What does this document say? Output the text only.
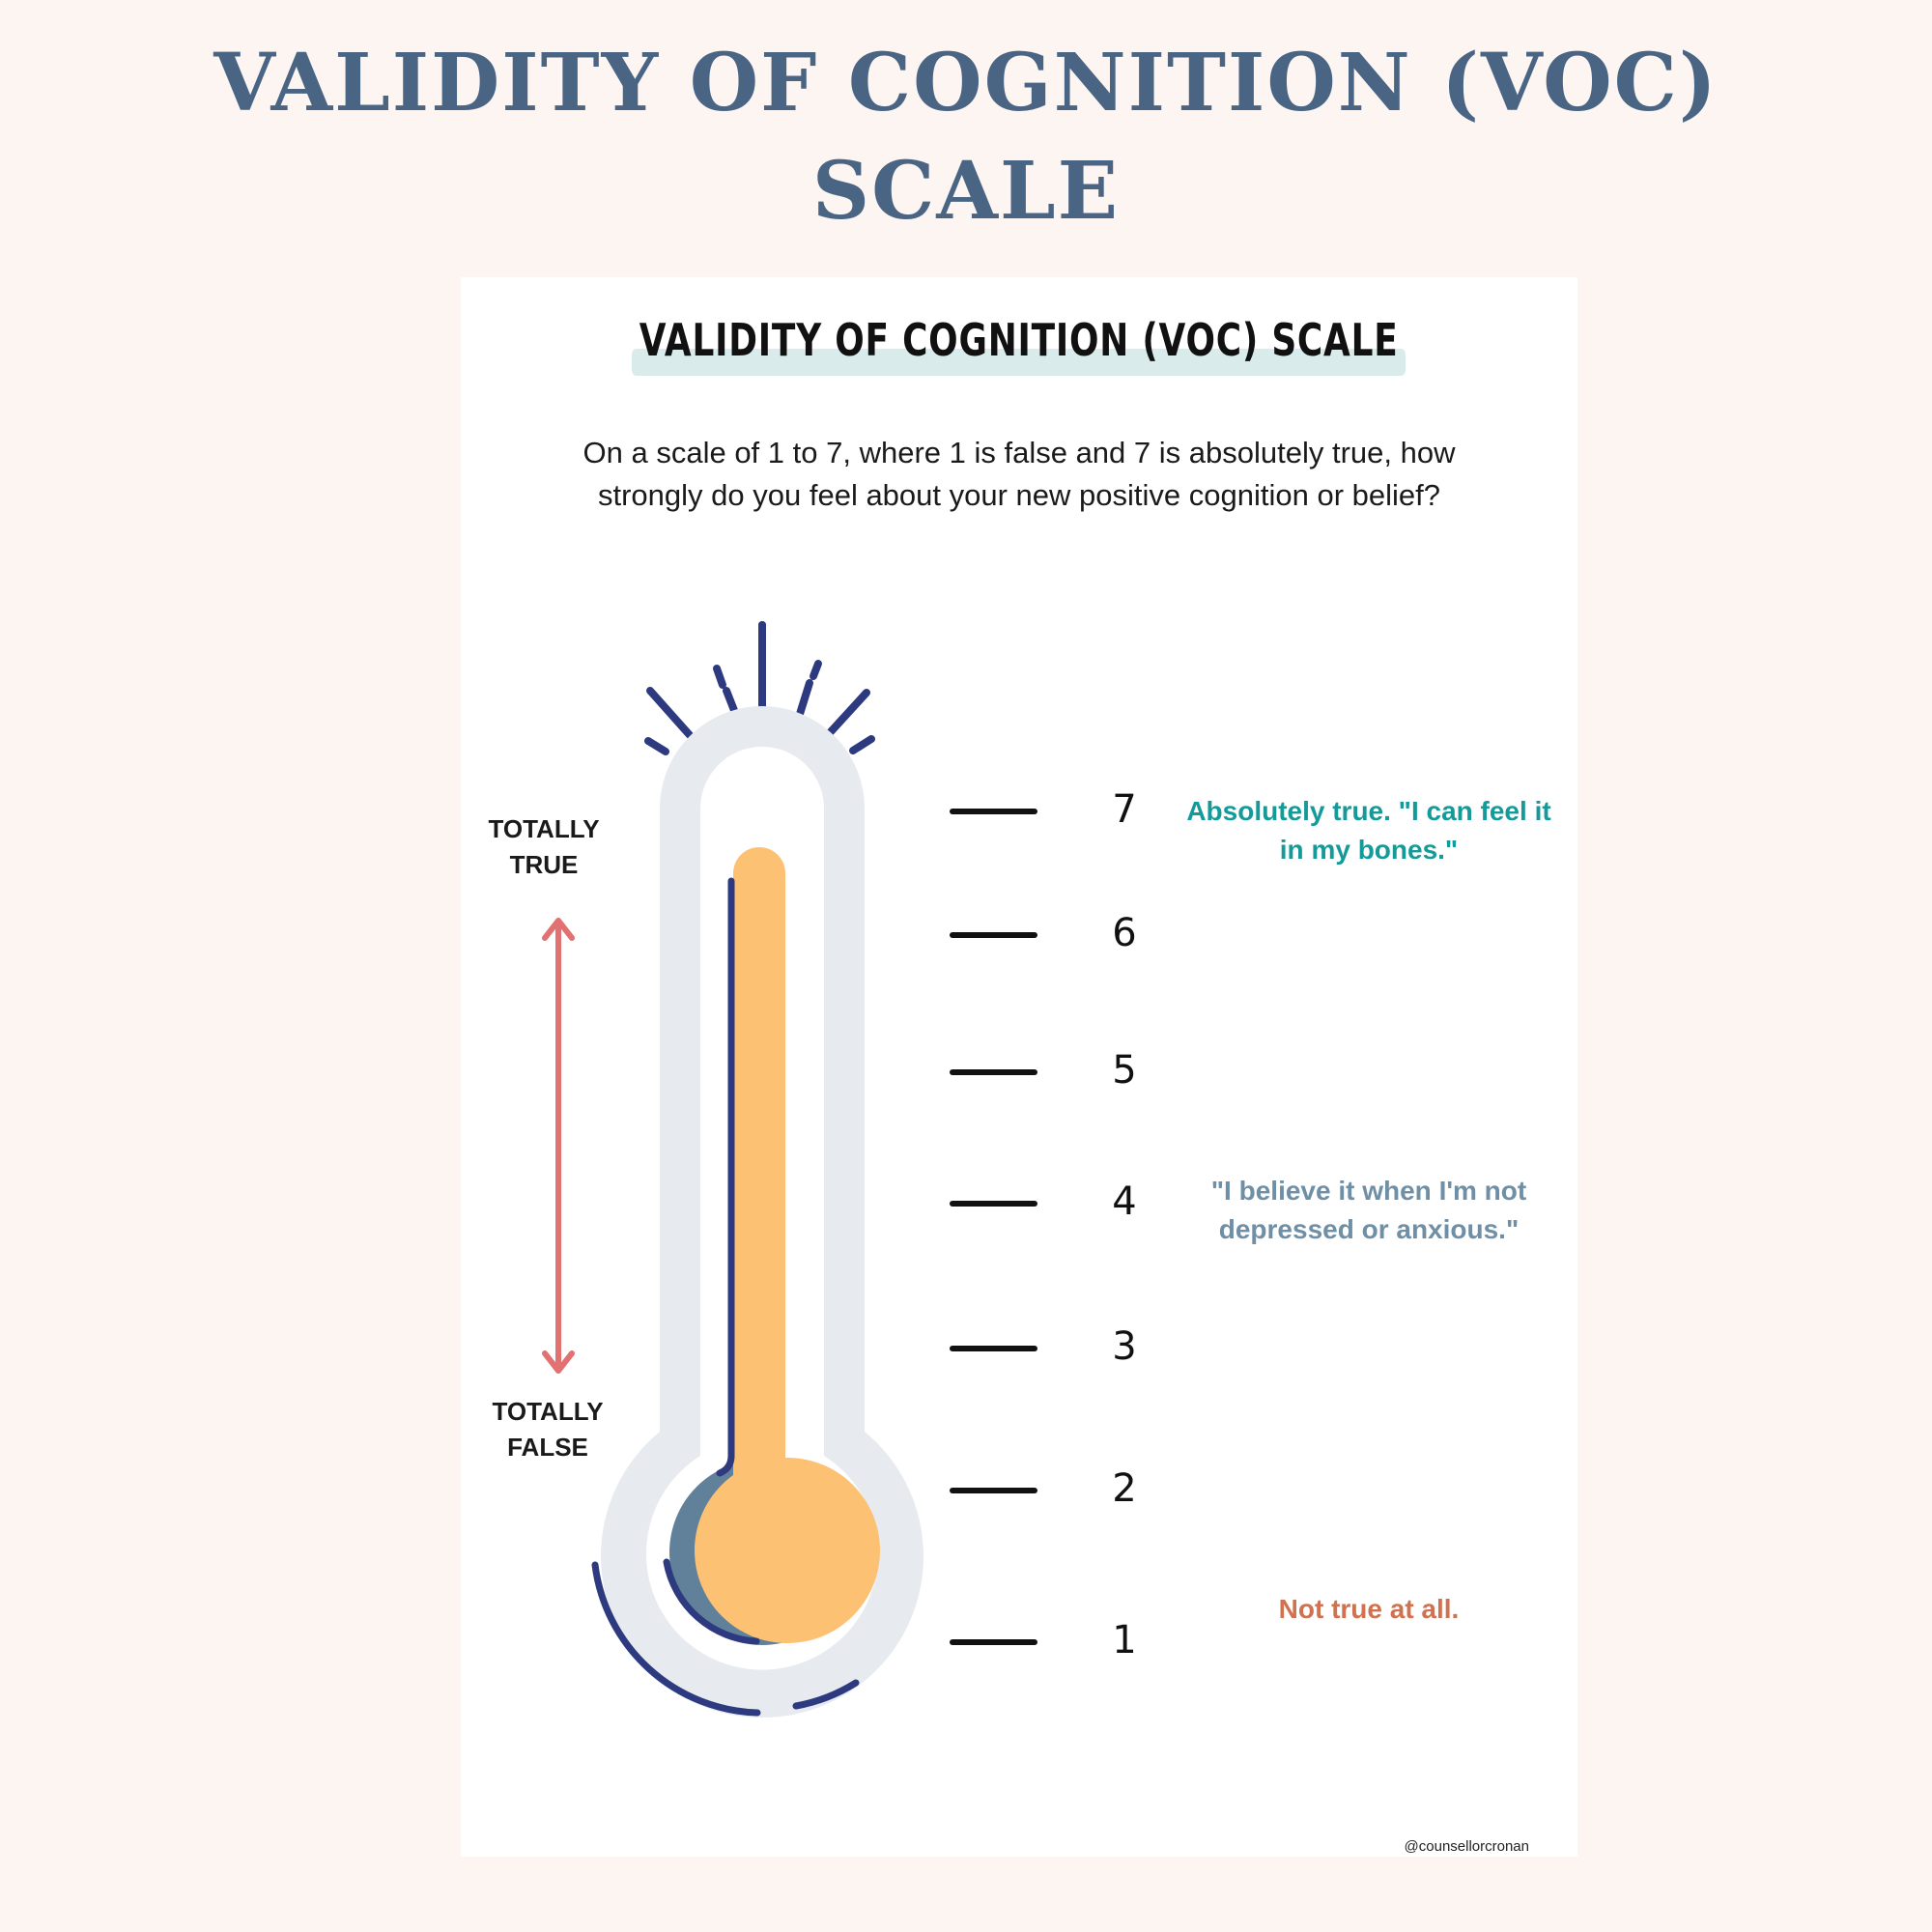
VALIDITY OF COGNITION (VOC)
SCALE
VALIDITY OF COGNITION (VOC) SCALE
On a scale of 1 to 7, where 1 is false and 7 is absolutely true, how strongly do you feel about your new positive cognition or belief?
TOTALLY TRUE
TOTALLY FALSE
7
6
5
4
3
2
1
Absolutely true. "I can feel it in my bones."
"I believe it when I'm not depressed or anxious."
Not true at all.
@counsellorcronan
